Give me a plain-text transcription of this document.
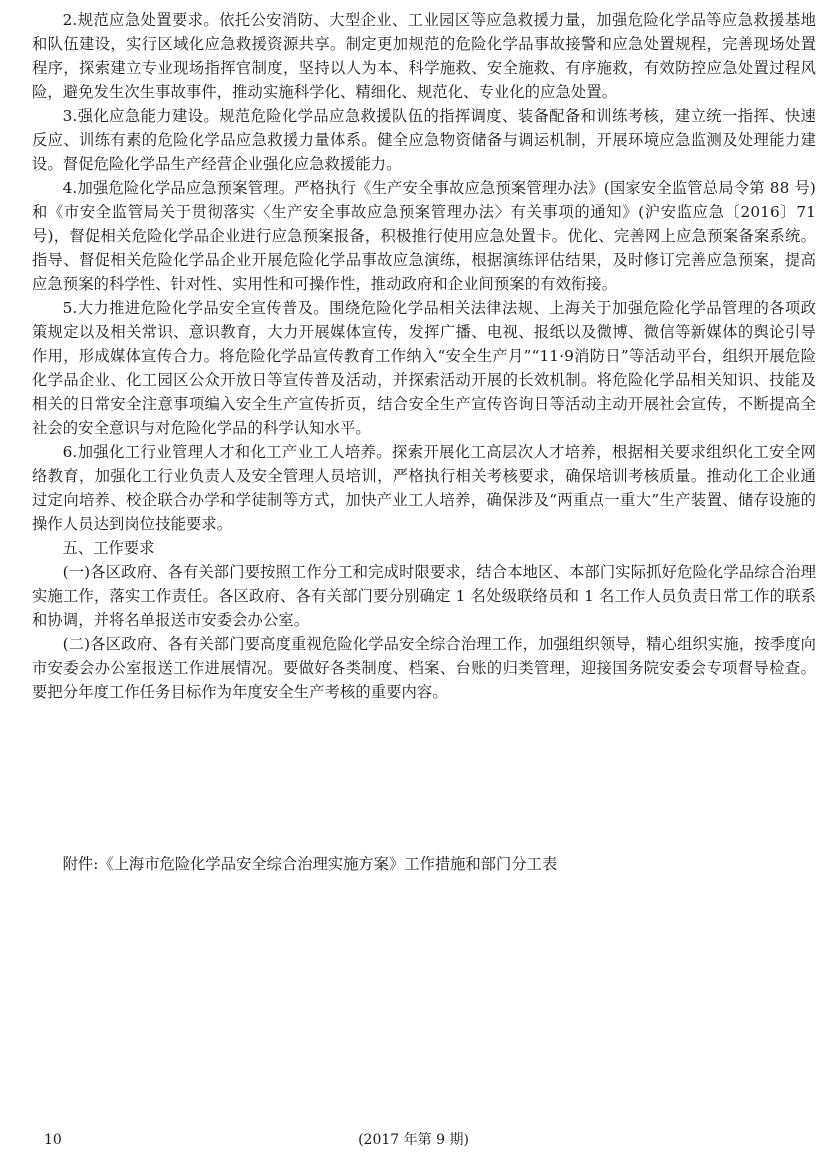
2.规范应急处置要求。依托公安消防、大型企业、工业园区等应急救援力量，加强危险化学品等应急救援基地和队伍建设，实行区域化应急救援资源共享。制定更加规范的危险化学品事故接警和应急处置规程，完善现场处置程序，探索建立专业现场指挥官制度，坚持以人为本、科学施救、安全施救、有序施救，有效防控应急处置过程风险，避免发生次生事故事件，推动实施科学化、精细化、规范化、专业化的应急处置。

3.强化应急能力建设。规范危险化学品应急救援队伍的指挥调度、装备配备和训练考核，建立统一指挥、快速反应、训练有素的危险化学品应急救援力量体系。健全应急物资储备与调运机制，开展环境应急监测及处理能力建设。督促危险化学品生产经营企业强化应急救援能力。

4.加强危险化学品应急预案管理。严格执行《生产安全事故应急预案管理办法》(国家安全监管总局令第 88 号)和《市安全监管局关于贯彻落实〈生产安全事故应急预案管理办法〉有关事项的通知》(沪安监应急〔2016〕71 号)，督促相关危险化学品企业进行应急预案报备，积极推行使用应急处置卡。优化、完善网上应急预案备案系统。指导、督促相关危险化学品企业开展危险化学品事故应急演练，根据演练评估结果，及时修订完善应急预案，提高应急预案的科学性、针对性、实用性和可操作性，推动政府和企业间预案的有效衔接。

5.大力推进危险化学品安全宣传普及。围绕危险化学品相关法律法规、上海关于加强危险化学品管理的各项政策规定以及相关常识、意识教育，大力开展媒体宣传，发挥广播、电视、报纸以及微博、微信等新媒体的舆论引导作用，形成媒体宣传合力。将危险化学品宣传教育工作纳入“安全生产月”“11·9消防日”等活动平台，组织开展危险化学品企业、化工园区公众开放日等宣传普及活动，并探索活动开展的长效机制。将危险化学品相关知识、技能及相关的日常安全注意事项编入安全生产宣传折页，结合安全生产宣传咨询日等活动主动开展社会宣传，不断提高全社会的安全意识与对危险化学品的科学认知水平。

6.加强化工行业管理人才和化工产业工人培养。探索开展化工高层次人才培养，根据相关要求组织化工安全网络教育，加强化工行业负责人及安全管理人员培训，严格执行相关考核要求，确保培训考核质量。推动化工企业通过定向培养、校企联合办学和学徒制等方式，加快产业工人培养，确保涉及“两重点一重大”生产装置、储存设施的操作人员达到岗位技能要求。

五、工作要求

(一)各区政府、各有关部门要按照工作分工和完成时限要求，结合本地区、本部门实际抓好危险化学品综合治理实施工作，落实工作责任。各区政府、各有关部门要分别确定 1 名处级联络员和 1 名工作人员负责日常工作的联系和协调，并将名单报送市安委会办公室。

(二)各区政府、各有关部门要高度重视危险化学品安全综合治理工作，加强组织领导，精心组织实施，按季度向市安委会办公室报送工作进展情况。要做好各类制度、档案、台账的归类管理，迎接国务院安委会专项督导检查。要把分年度工作任务目标作为年度安全生产考核的重要内容。

附件:《上海市危险化学品安全综合治理实施方案》工作措施和部门分工表

10	(2017 年第 9 期)
